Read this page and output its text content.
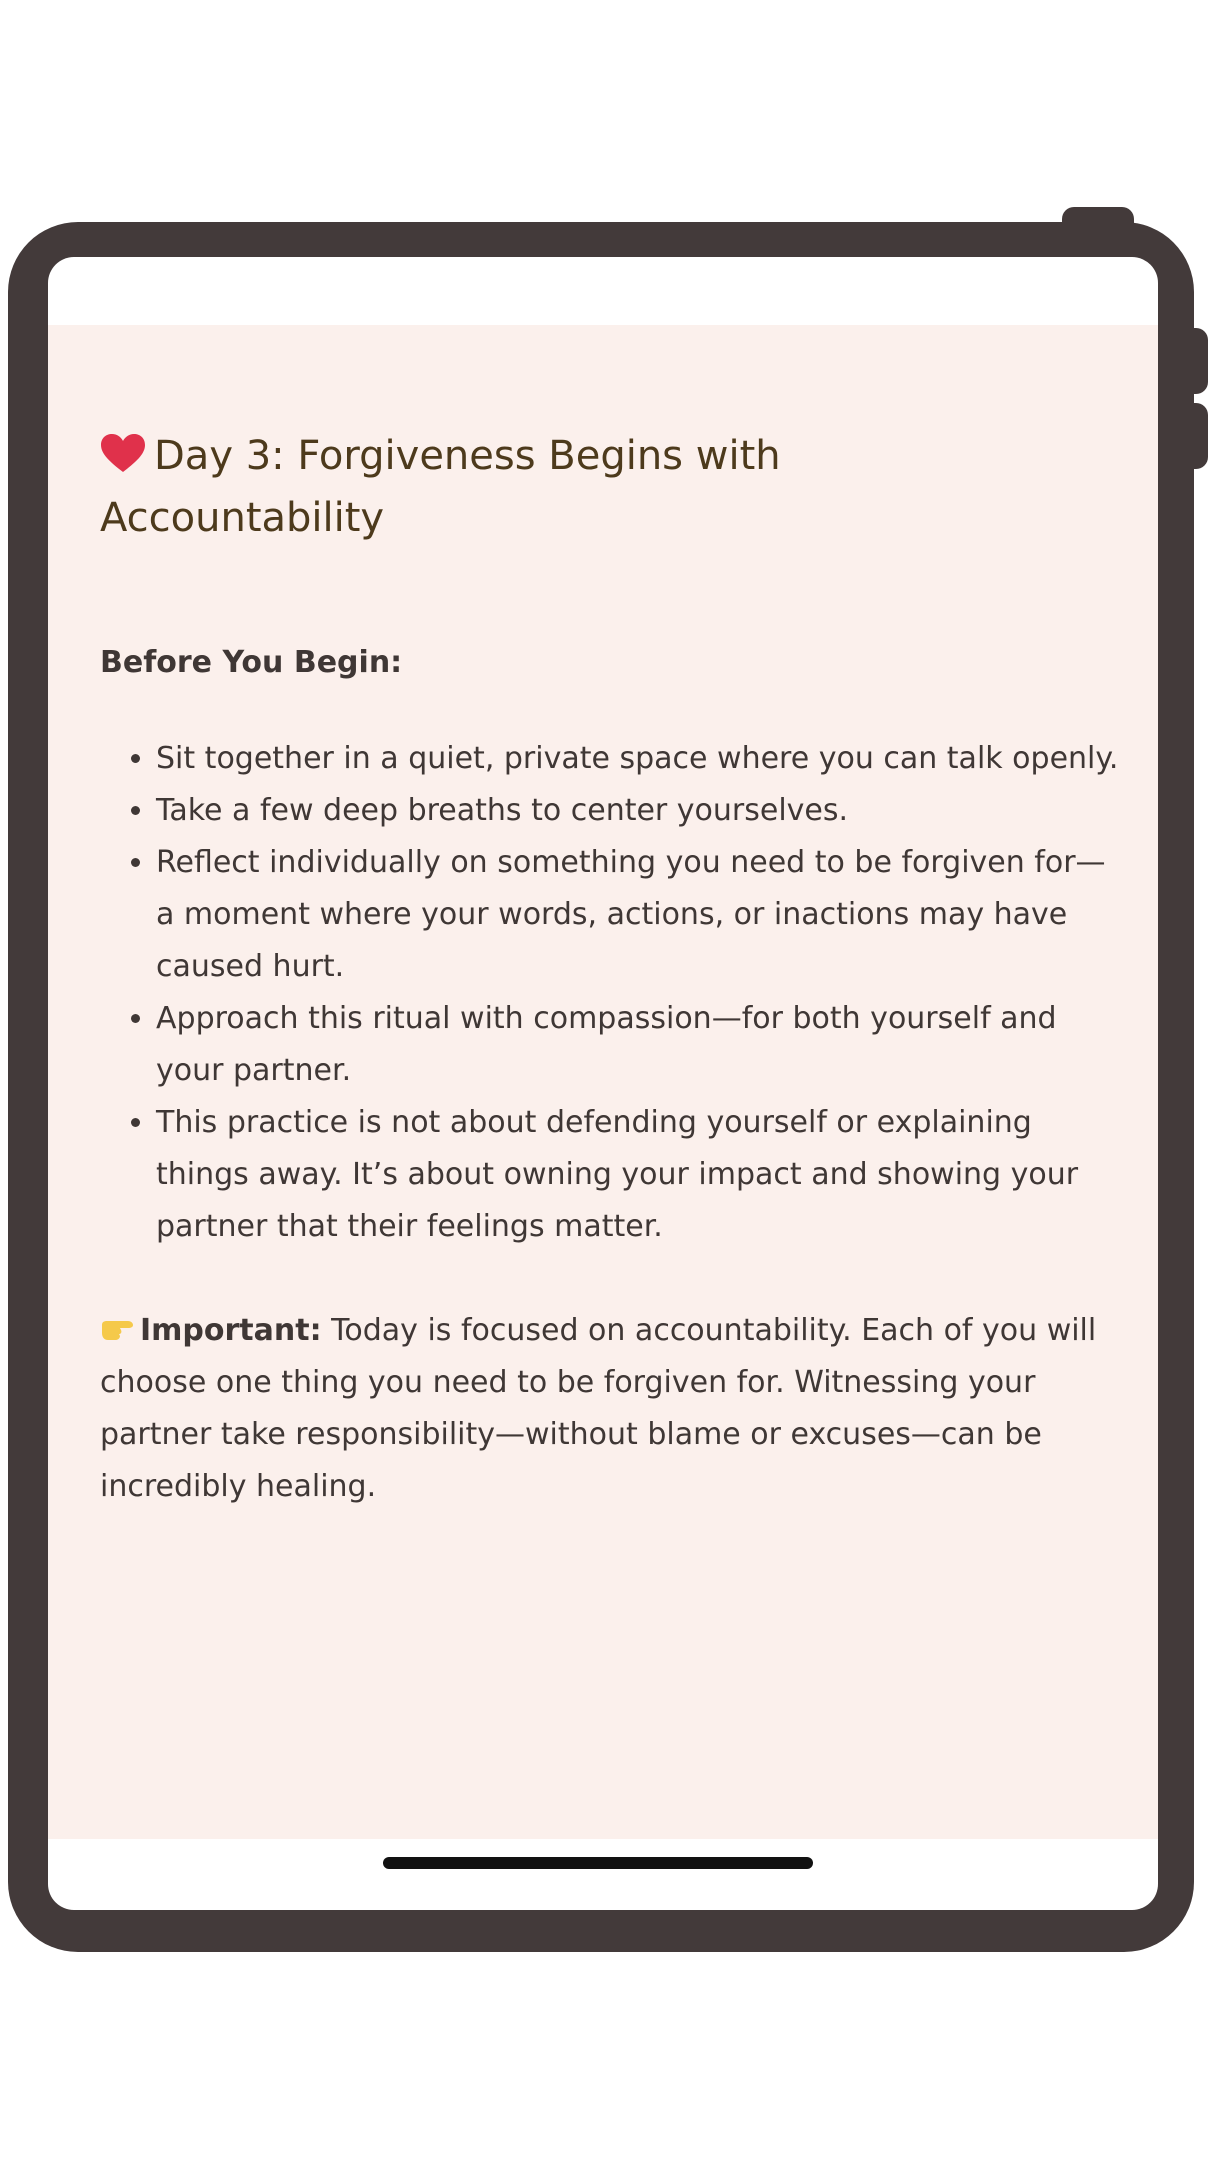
Day 3: Forgiveness Begins with Accountability

Before You Begin:

• Sit together in a quiet, private space where you can talk openly.
• Take a few deep breaths to center yourselves.
• Reflect individually on something you need to be forgiven for—a moment where your words, actions, or inactions may have caused hurt.
• Approach this ritual with compassion—for both yourself and your partner.
• This practice is not about defending yourself or explaining things away. It’s about owning your impact and showing your partner that their feelings matter.

Important: Today is focused on accountability. Each of you will choose one thing you need to be forgiven for. Witnessing your partner take responsibility—without blame or excuses—can be incredibly healing.
